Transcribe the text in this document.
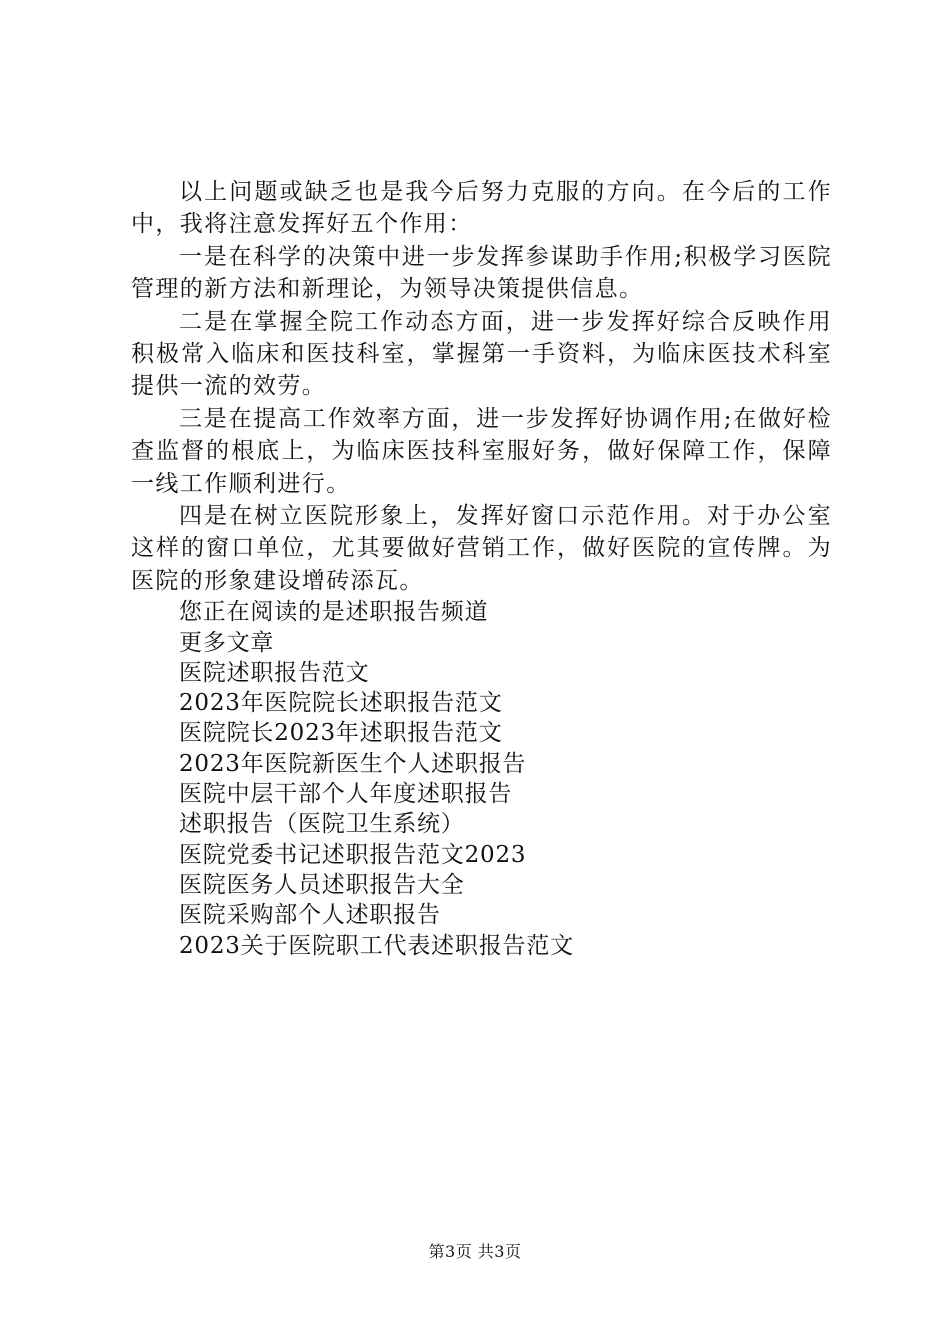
以上问题或缺乏也是我今后努力克服的方向。在今后的工作中，我将注意发挥好五个作用：

一是在科学的决策中进一步发挥参谋助手作用;积极学习医院管理的新方法和新理论，为领导决策提供信息。

二是在掌握全院工作动态方面，进一步发挥好综合反映作用积极常入临床和医技科室，掌握第一手资料，为临床医技术科室提供一流的效劳。

三是在提高工作效率方面，进一步发挥好协调作用;在做好检查监督的根底上，为临床医技科室服好务，做好保障工作，保障一线工作顺利进行。

四是在树立医院形象上，发挥好窗口示范作用。对于办公室这样的窗口单位，尤其要做好营销工作，做好医院的宣传牌。为医院的形象建设增砖添瓦。

您正在阅读的是述职报告频道

更多文章

医院述职报告范文

2023年医院院长述职报告范文

医院院长2023年述职报告范文

2023年医院新医生个人述职报告

医院中层干部个人年度述职报告

述职报告（医院卫生系统）

医院党委书记述职报告范文2023

医院医务人员述职报告大全

医院采购部个人述职报告

2023关于医院职工代表述职报告范文

第3页 共3页
